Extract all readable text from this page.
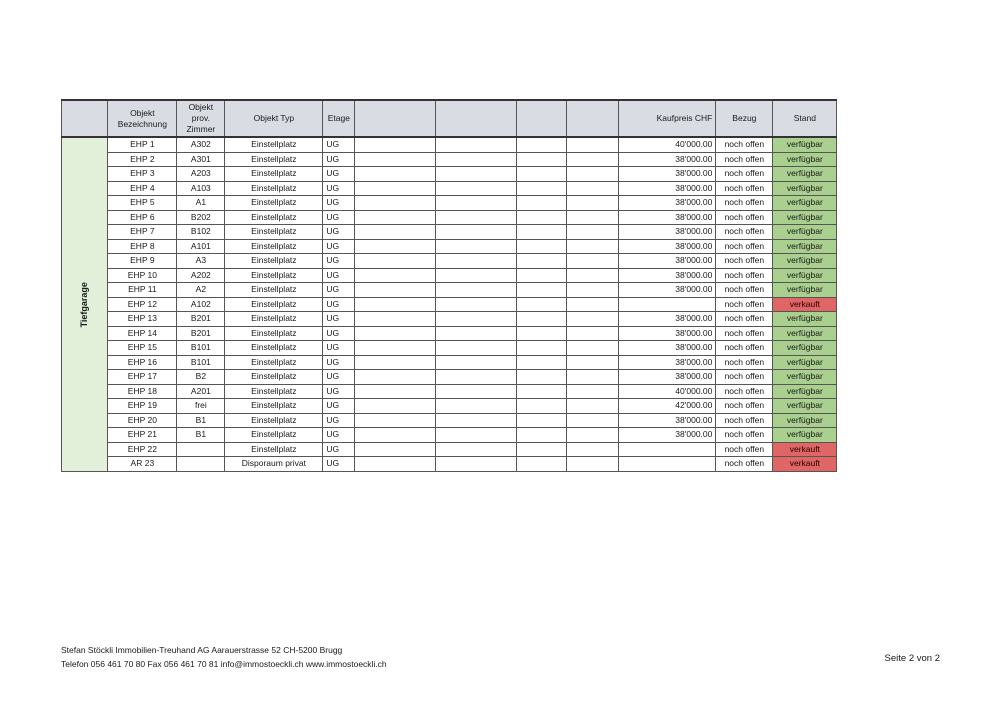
	Objekt
Bezeichnung	Objekt
prov.
Zimmer	Objekt Typ	Etage					Kaufpreis CHF	Bezug	Stand
Tiefgarage	EHP 1	A302	Einstellplatz	UG					40'000.00	noch offen	verfügbar
	EHP 2	A301	Einstellplatz	UG					38'000.00	noch offen	verfügbar
	EHP 3	A203	Einstellplatz	UG					38'000.00	noch offen	verfügbar
	EHP 4	A103	Einstellplatz	UG					38'000.00	noch offen	verfügbar
	EHP 5	A1	Einstellplatz	UG					38'000.00	noch offen	verfügbar
	EHP 6	B202	Einstellplatz	UG					38'000.00	noch offen	verfügbar
	EHP 7	B102	Einstellplatz	UG					38'000.00	noch offen	verfügbar
	EHP 8	A101	Einstellplatz	UG					38'000.00	noch offen	verfügbar
	EHP 9	A3	Einstellplatz	UG					38'000.00	noch offen	verfügbar
	EHP 10	A202	Einstellplatz	UG					38'000.00	noch offen	verfügbar
	EHP 11	A2	Einstellplatz	UG					38'000.00	noch offen	verfügbar
	EHP 12	A102	Einstellplatz	UG						noch offen	verkauft
	EHP 13	B201	Einstellplatz	UG					38'000.00	noch offen	verfügbar
	EHP 14	B201	Einstellplatz	UG					38'000.00	noch offen	verfügbar
	EHP 15	B101	Einstellplatz	UG					38'000.00	noch offen	verfügbar
	EHP 16	B101	Einstellplatz	UG					38'000.00	noch offen	verfügbar
	EHP 17	B2	Einstellplatz	UG					38'000.00	noch offen	verfügbar
	EHP 18	A201	Einstellplatz	UG					40'000.00	noch offen	verfügbar
	EHP 19	frei	Einstellplatz	UG					42'000.00	noch offen	verfügbar
	EHP 20	B1	Einstellplatz	UG					38'000.00	noch offen	verfügbar
	EHP 21	B1	Einstellplatz	UG					38'000.00	noch offen	verfügbar
	EHP 22		Einstellplatz	UG						noch offen	verkauft
	AR 23		Disporaum privat	UG						noch offen	verkauft
Stefan Stöckli Immobilien-Treuhand AG Aarauerstrasse 52 CH-5200 Brugg
Telefon 056 461 70 80 Fax 056 461 70 81 info@immostoeckli.ch www.immostoeckli.ch	Seite 2 von 2
